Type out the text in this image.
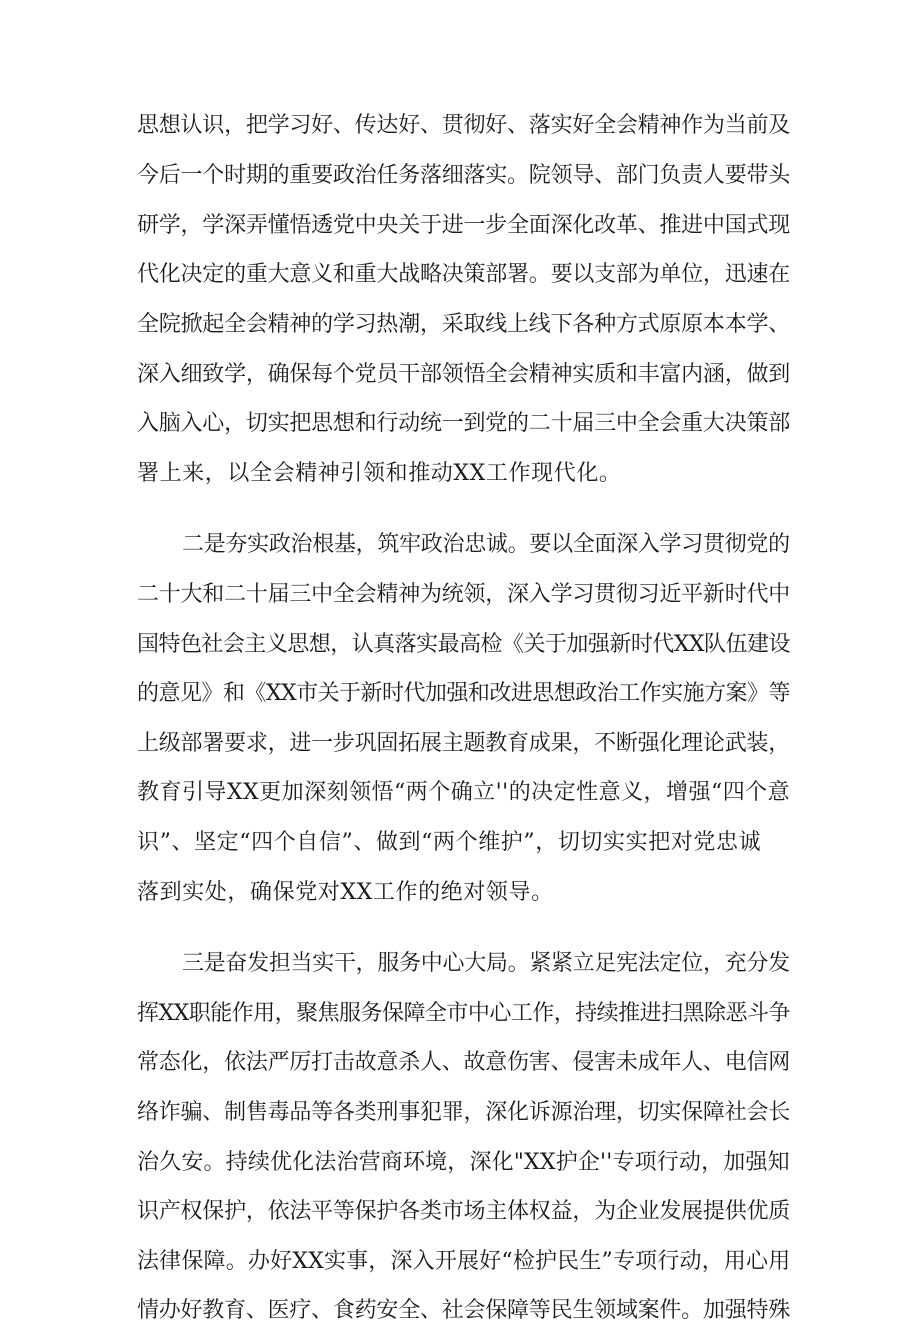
思想认识，把学习好、传达好、贯彻好、落实好全会精神作为当前及
今后一个时期的重要政治任务落细落实。院领导、部门负责人要带头
研学，学深弄懂悟透党中央关于进一步全面深化改革、推进中国式现
代化决定的重大意义和重大战略决策部署。要以支部为单位，迅速在
全院掀起全会精神的学习热潮，采取线上线下各种方式原原本本学、
深入细致学，确保每个党员干部领悟全会精神实质和丰富内涵，做到
入脑入心，切实把思想和行动统一到党的二十届三中全会重大决策部
署上来，以全会精神引领和推动XX工作现代化。
二是夯实政治根基，筑牢政治忠诚。要以全面深入学习贯彻党的
二十大和二十届三中全会精神为统领，深入学习贯彻习近平新时代中
国特色社会主义思想，认真落实最高检《关于加强新时代XX队伍建设
的意见》和《XX市关于新时代加强和改进思想政治工作实施方案》等
上级部署要求，进一步巩固拓展主题教育成果，不断强化理论武装，
教育引导XX更加深刻领悟“两个确立''的决定性意义，增强“四个意
识”、坚定“四个自信”、做到“两个维护”，切切实实把对党忠诚
落到实处，确保党对XX工作的绝对领导。
三是奋发担当实干，服务中心大局。紧紧立足宪法定位，充分发
挥XX职能作用，聚焦服务保障全市中心工作，持续推进扫黑除恶斗争
常态化，依法严厉打击故意杀人、故意伤害、侵害未成年人、电信网
络诈骗、制售毒品等各类刑事犯罪，深化诉源治理，切实保障社会长
治久安。持续优化法治营商环境，深化"XX护企''专项行动，加强知
识产权保护，依法平等保护各类市场主体权益，为企业发展提供优质
法律保障。办好XX实事，深入开展好“检护民生”专项行动，用心用
情办好教育、医疗、食药安全、社会保障等民生领域案件。加强特殊
